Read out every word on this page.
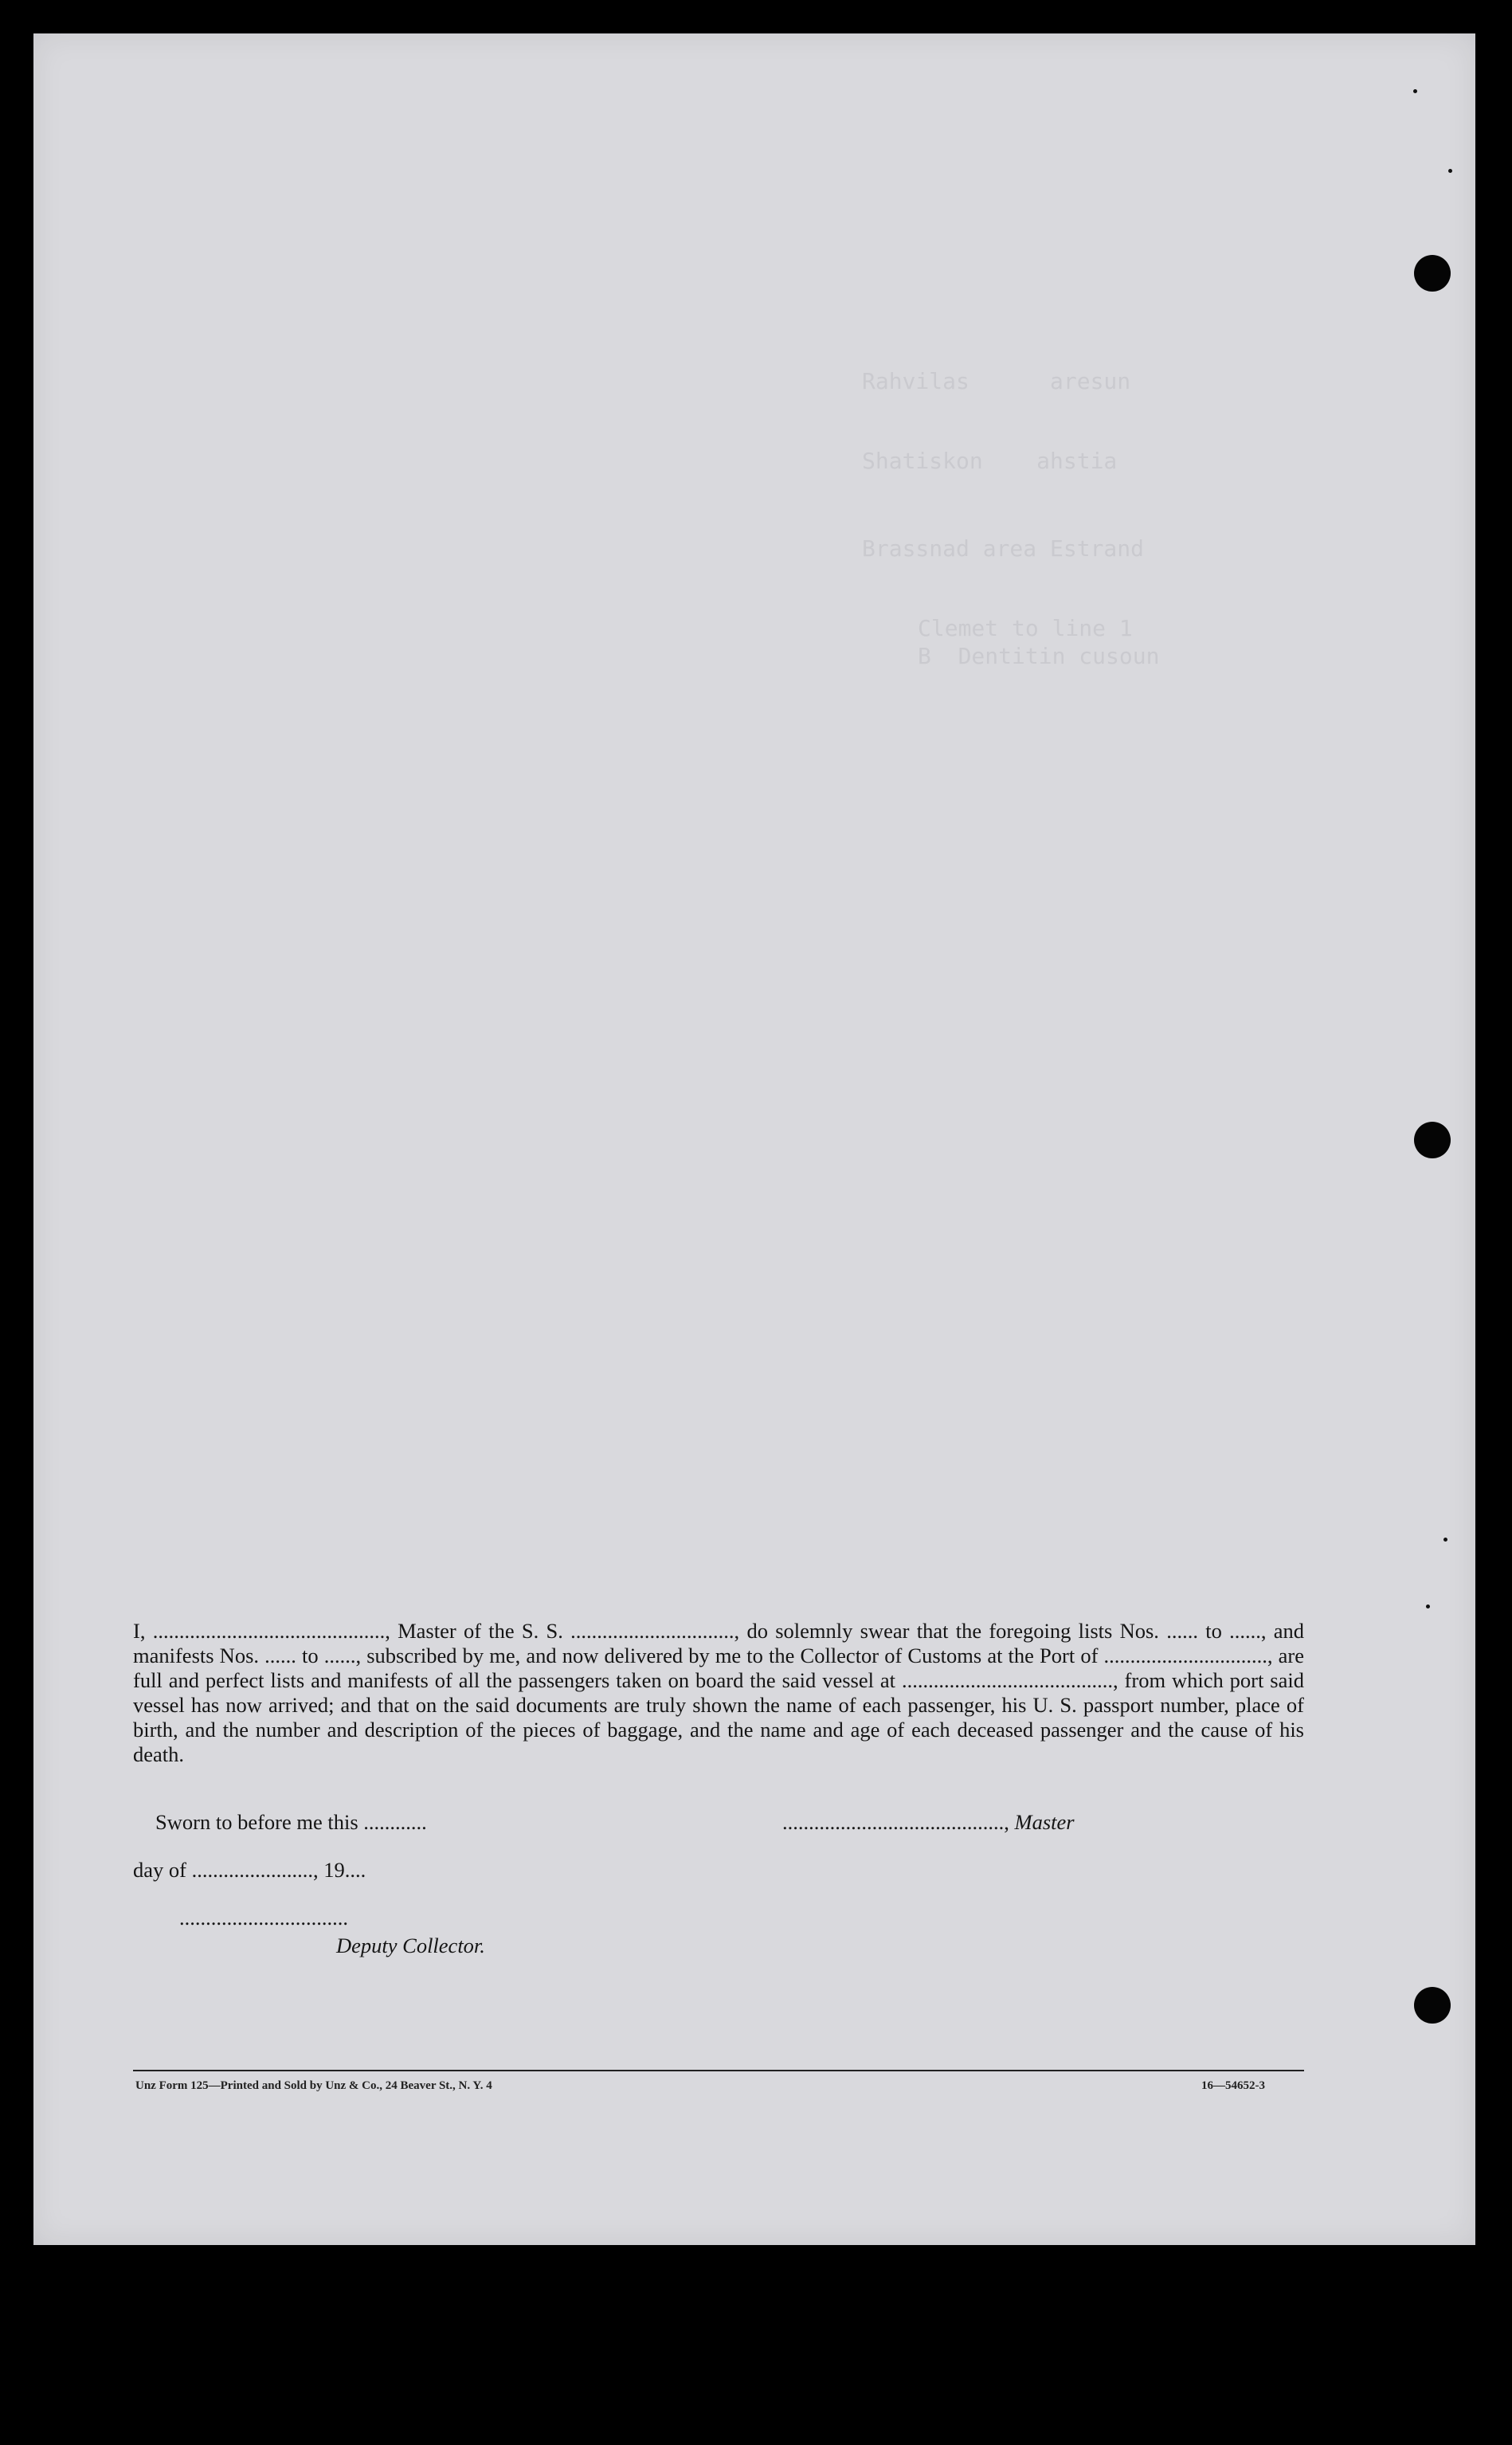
Rahvilas      aresun
Shatiskon    ahstia
Brassnad area Estrand
Clemet to line 1
B  Dentitin cusoun

I, ............................................, Master of the S. S. ..............................., do solemnly swear that the foregoing lists Nos. ...... to ......, and manifests Nos. ...... to ......, subscribed by me, and now delivered by me to the Collector of Customs at the Port of ..............................., are full and perfect lists and manifests of all the passengers taken on board the said vessel at ........................................, from which port said vessel has now arrived; and that on the said documents are truly shown the name of each passenger, his U. S. passport number, place of birth, and the number and description of the pieces of baggage, and the name and age of each deceased passenger and the cause of his death.

Sworn to before me this ............	.........................................., Master
day of ......................., 19....
................................
Deputy Collector.
Unz Form 125—Printed and Sold by Unz & Co., 24 Beaver St., N. Y. 4	16—54652-3
